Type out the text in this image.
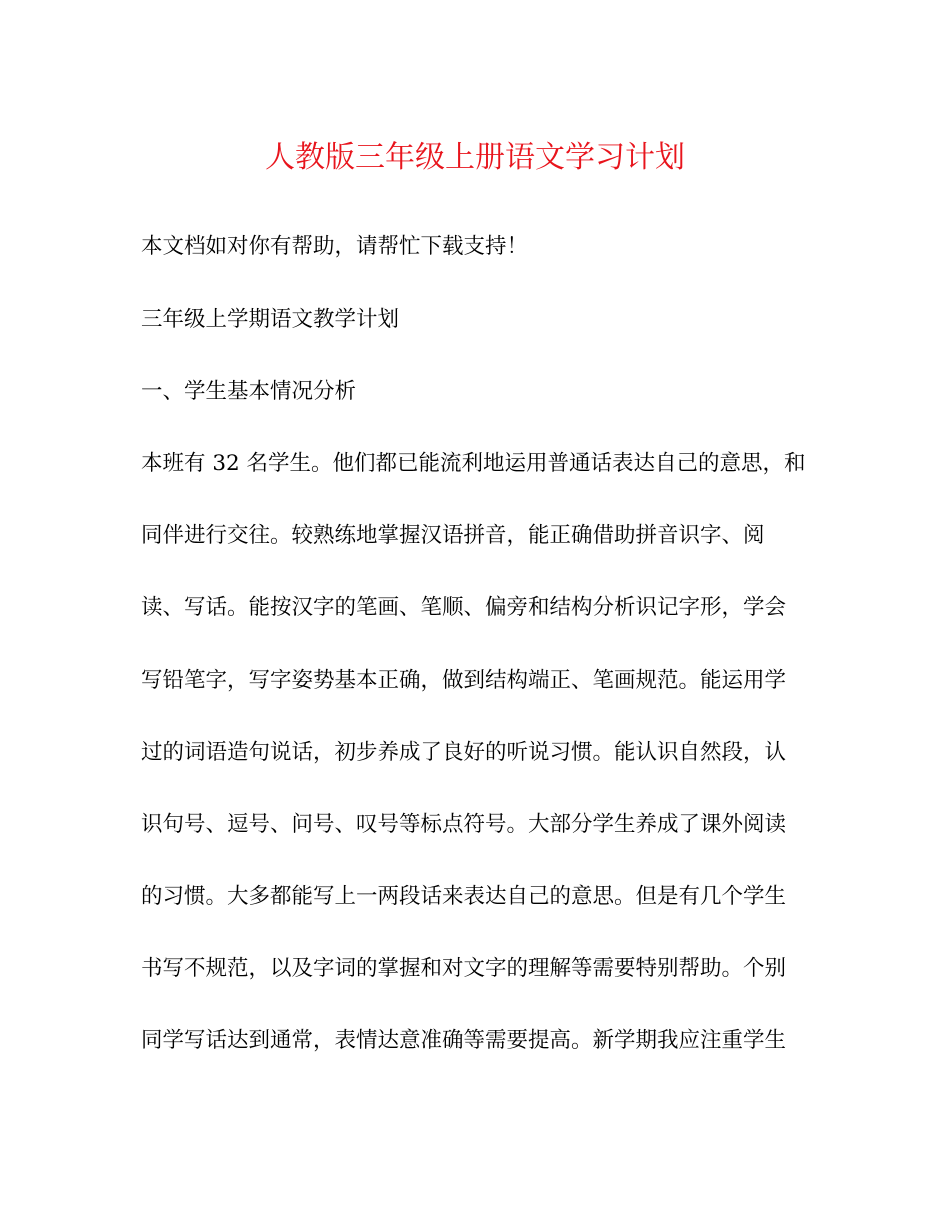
人教版三年级上册语文学习计划

本文档如对你有帮助，请帮忙下载支持！

三年级上学期语文教学计划

一、学生基本情况分析

本班有 32 名学生。他们都已能流利地运用普通话表达自己的意思，和

同伴进行交往。较熟练地掌握汉语拼音，能正确借助拼音识字、阅

读、写话。能按汉字的笔画、笔顺、偏旁和结构分析识记字形，学会

写铅笔字，写字姿势基本正确，做到结构端正、笔画规范。能运用学

过的词语造句说话，初步养成了良好的听说习惯。能认识自然段，认

识句号、逗号、问号、叹号等标点符号。大部分学生养成了课外阅读

的习惯。大多都能写上一两段话来表达自己的意思。但是有几个学生

书写不规范，以及字词的掌握和对文字的理解等需要特别帮助。个别

同学写话达到通常，表情达意准确等需要提高。新学期我应注重学生
